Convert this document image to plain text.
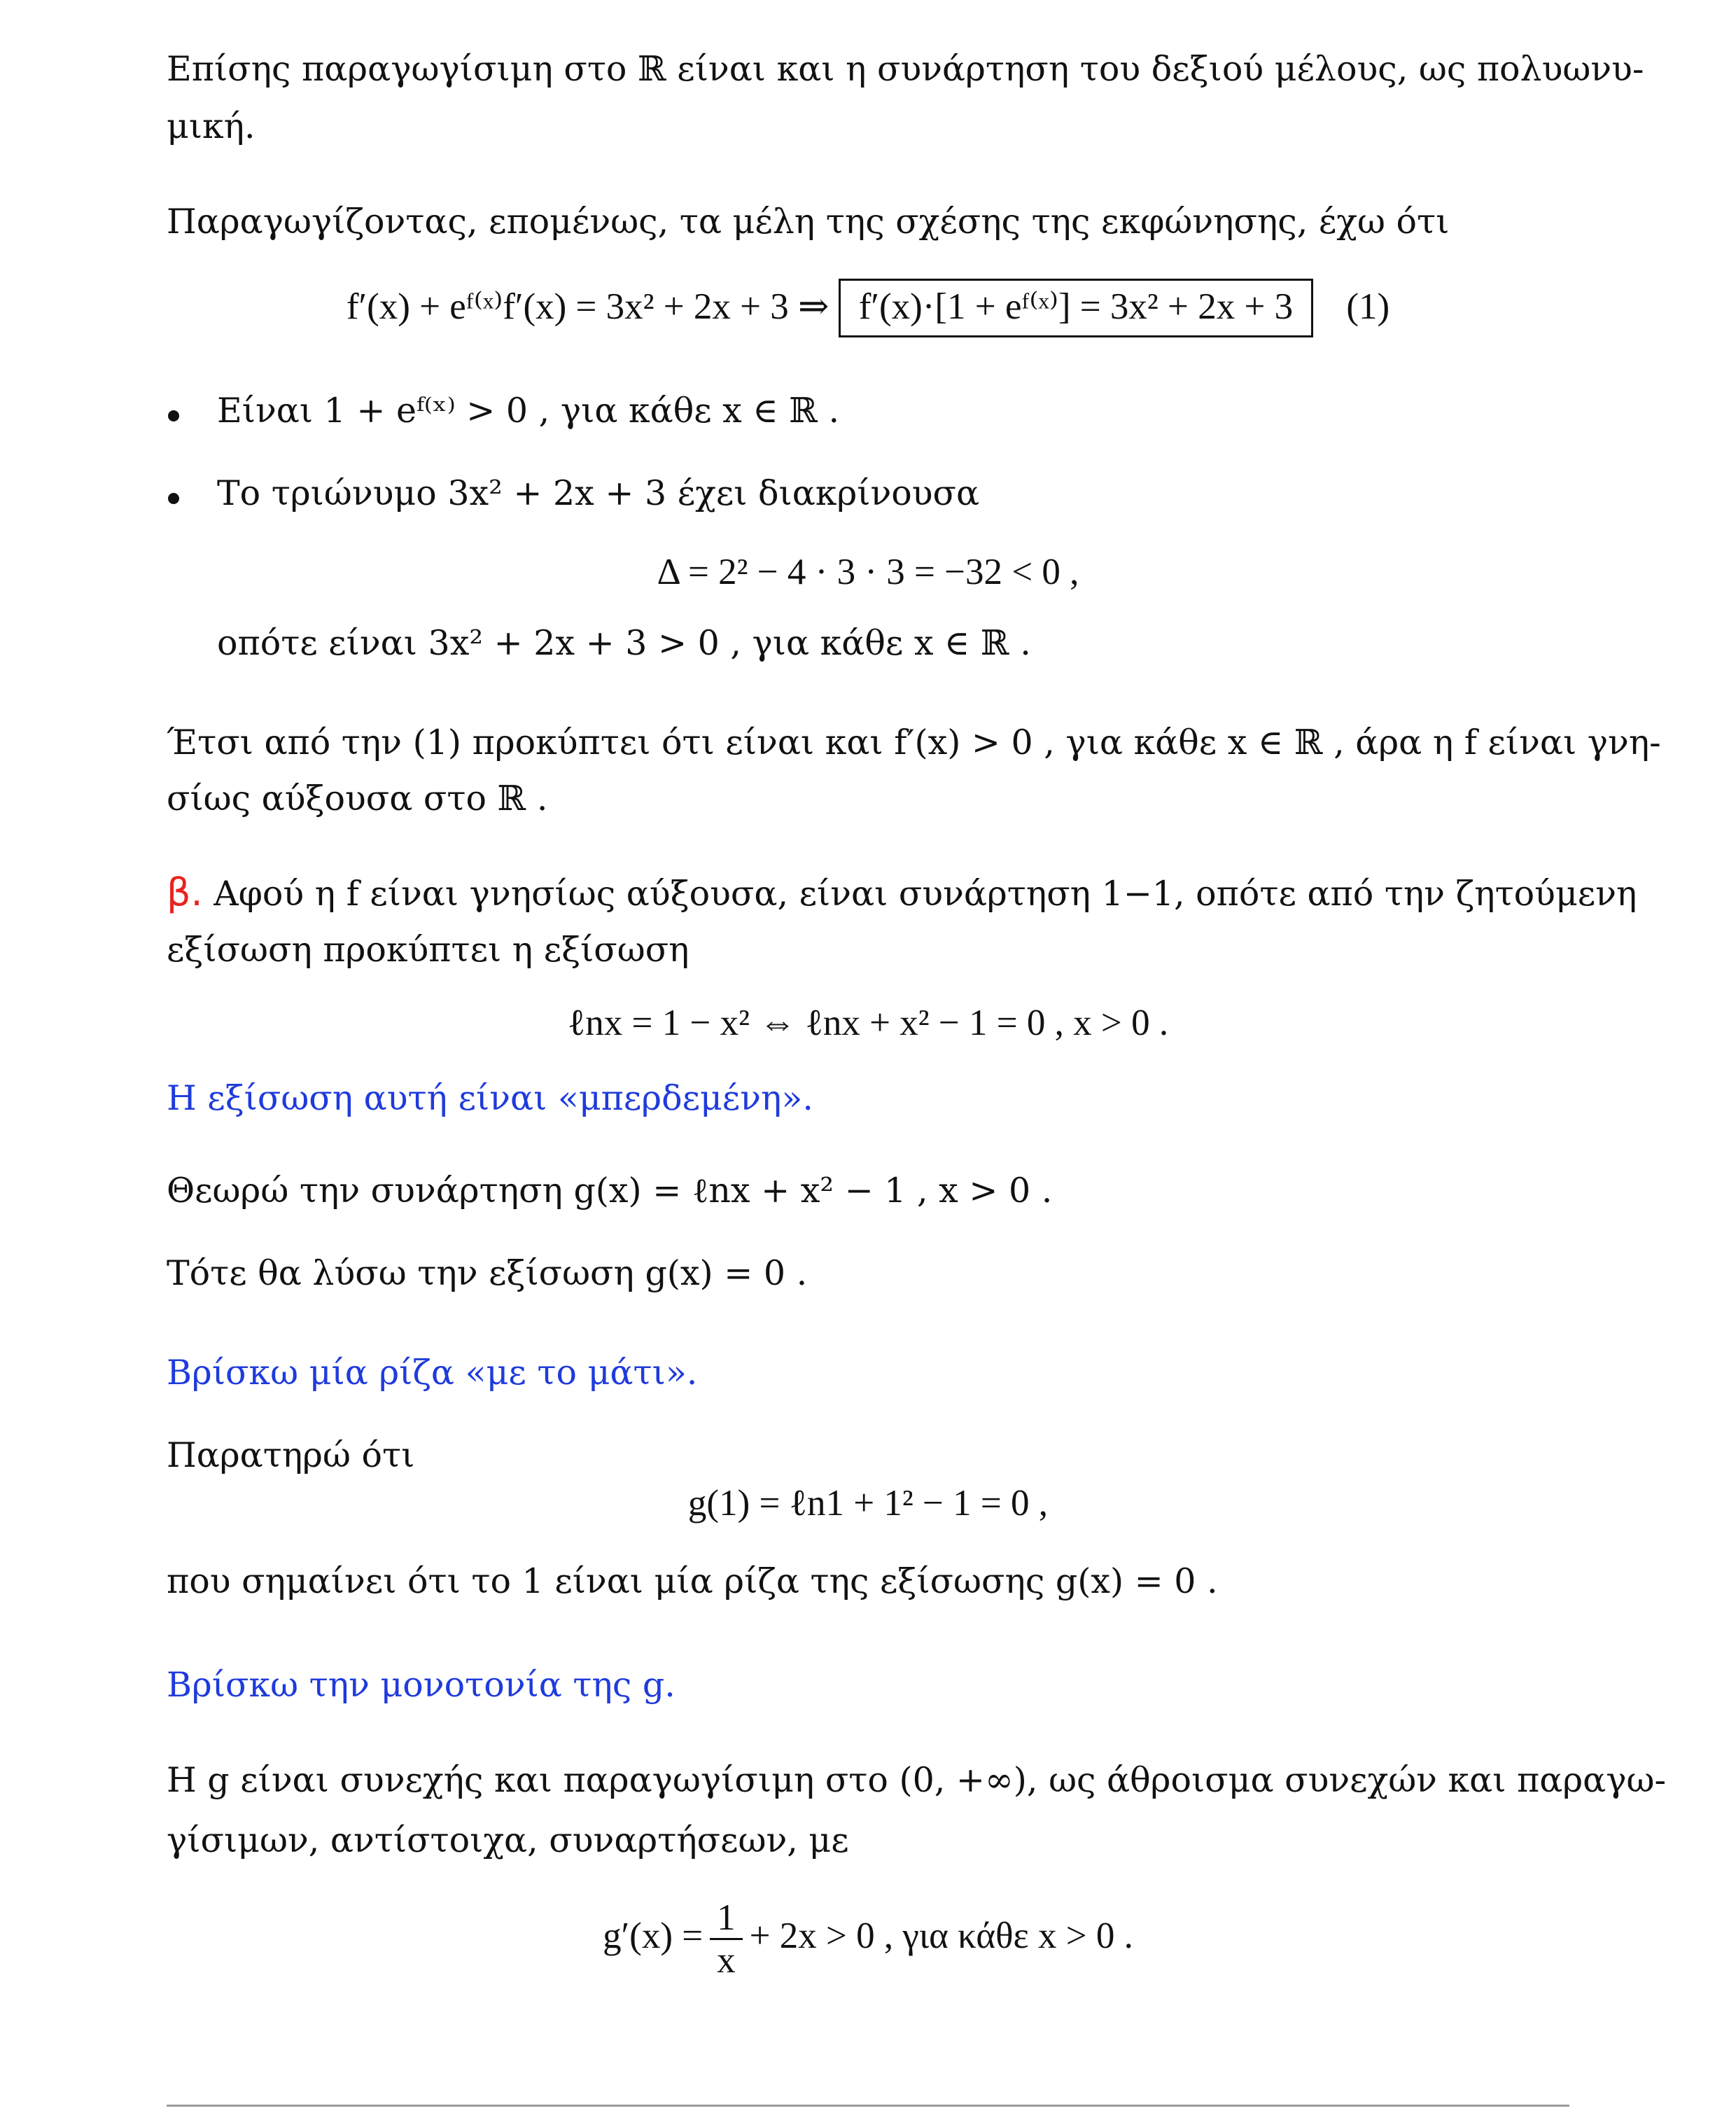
Επίσης παραγωγίσιμη στο ℝ είναι και η συνάρτηση του δεξιού μέλους, ως πολυωνυ-
μική.
Παραγωγίζοντας, επομένως, τα μέλη της σχέσης της εκφώνησης, έχω ότι
f′(x) + eᶠ⁽ˣ⁾f′(x) = 3x² + 2x + 3 ⇒ f′(x)·[1 + eᶠ⁽ˣ⁾] = 3x² + 2x + 3 (1)
Είναι 1 + eᶠ⁽ˣ⁾ > 0 , για κάθε x ∈ ℝ .
Το τριώνυμο 3x² + 2x + 3 έχει διακρίνουσα
Δ = 2² − 4 · 3 · 3 = −32 < 0 ,
οπότε είναι 3x² + 2x + 3 > 0 , για κάθε x ∈ ℝ .
Έτσι από την (1) προκύπτει ότι είναι και f′(x) > 0 , για κάθε x ∈ ℝ , άρα η f είναι γνη-
σίως αύξουσα στο ℝ .
β. Αφού η f είναι γνησίως αύξουσα, είναι συνάρτηση 1−1, οπότε από την ζητούμενη
εξίσωση προκύπτει η εξίσωση
ℓnx = 1 − x² ⇔ ℓnx + x² − 1 = 0 , x > 0 .
Η εξίσωση αυτή είναι «μπερδεμένη».
Θεωρώ την συνάρτηση g(x) = ℓnx + x² − 1 , x > 0 .
Τότε θα λύσω την εξίσωση g(x) = 0 .
Βρίσκω μία ρίζα «με το μάτι».
Παρατηρώ ότι
g(1) = ℓn1 + 1² − 1 = 0 ,
που σημαίνει ότι το 1 είναι μία ρίζα της εξίσωσης g(x) = 0 .
Βρίσκω την μονοτονία της g.
Η g είναι συνεχής και παραγωγίσιμη στο (0, +∞), ως άθροισμα συνεχών και παραγω-
γίσιμων, αντίστοιχα, συναρτήσεων, με
$g'(x) = \frac{1}{x} + 2x > 0$ , για κάθε x > 0 .
